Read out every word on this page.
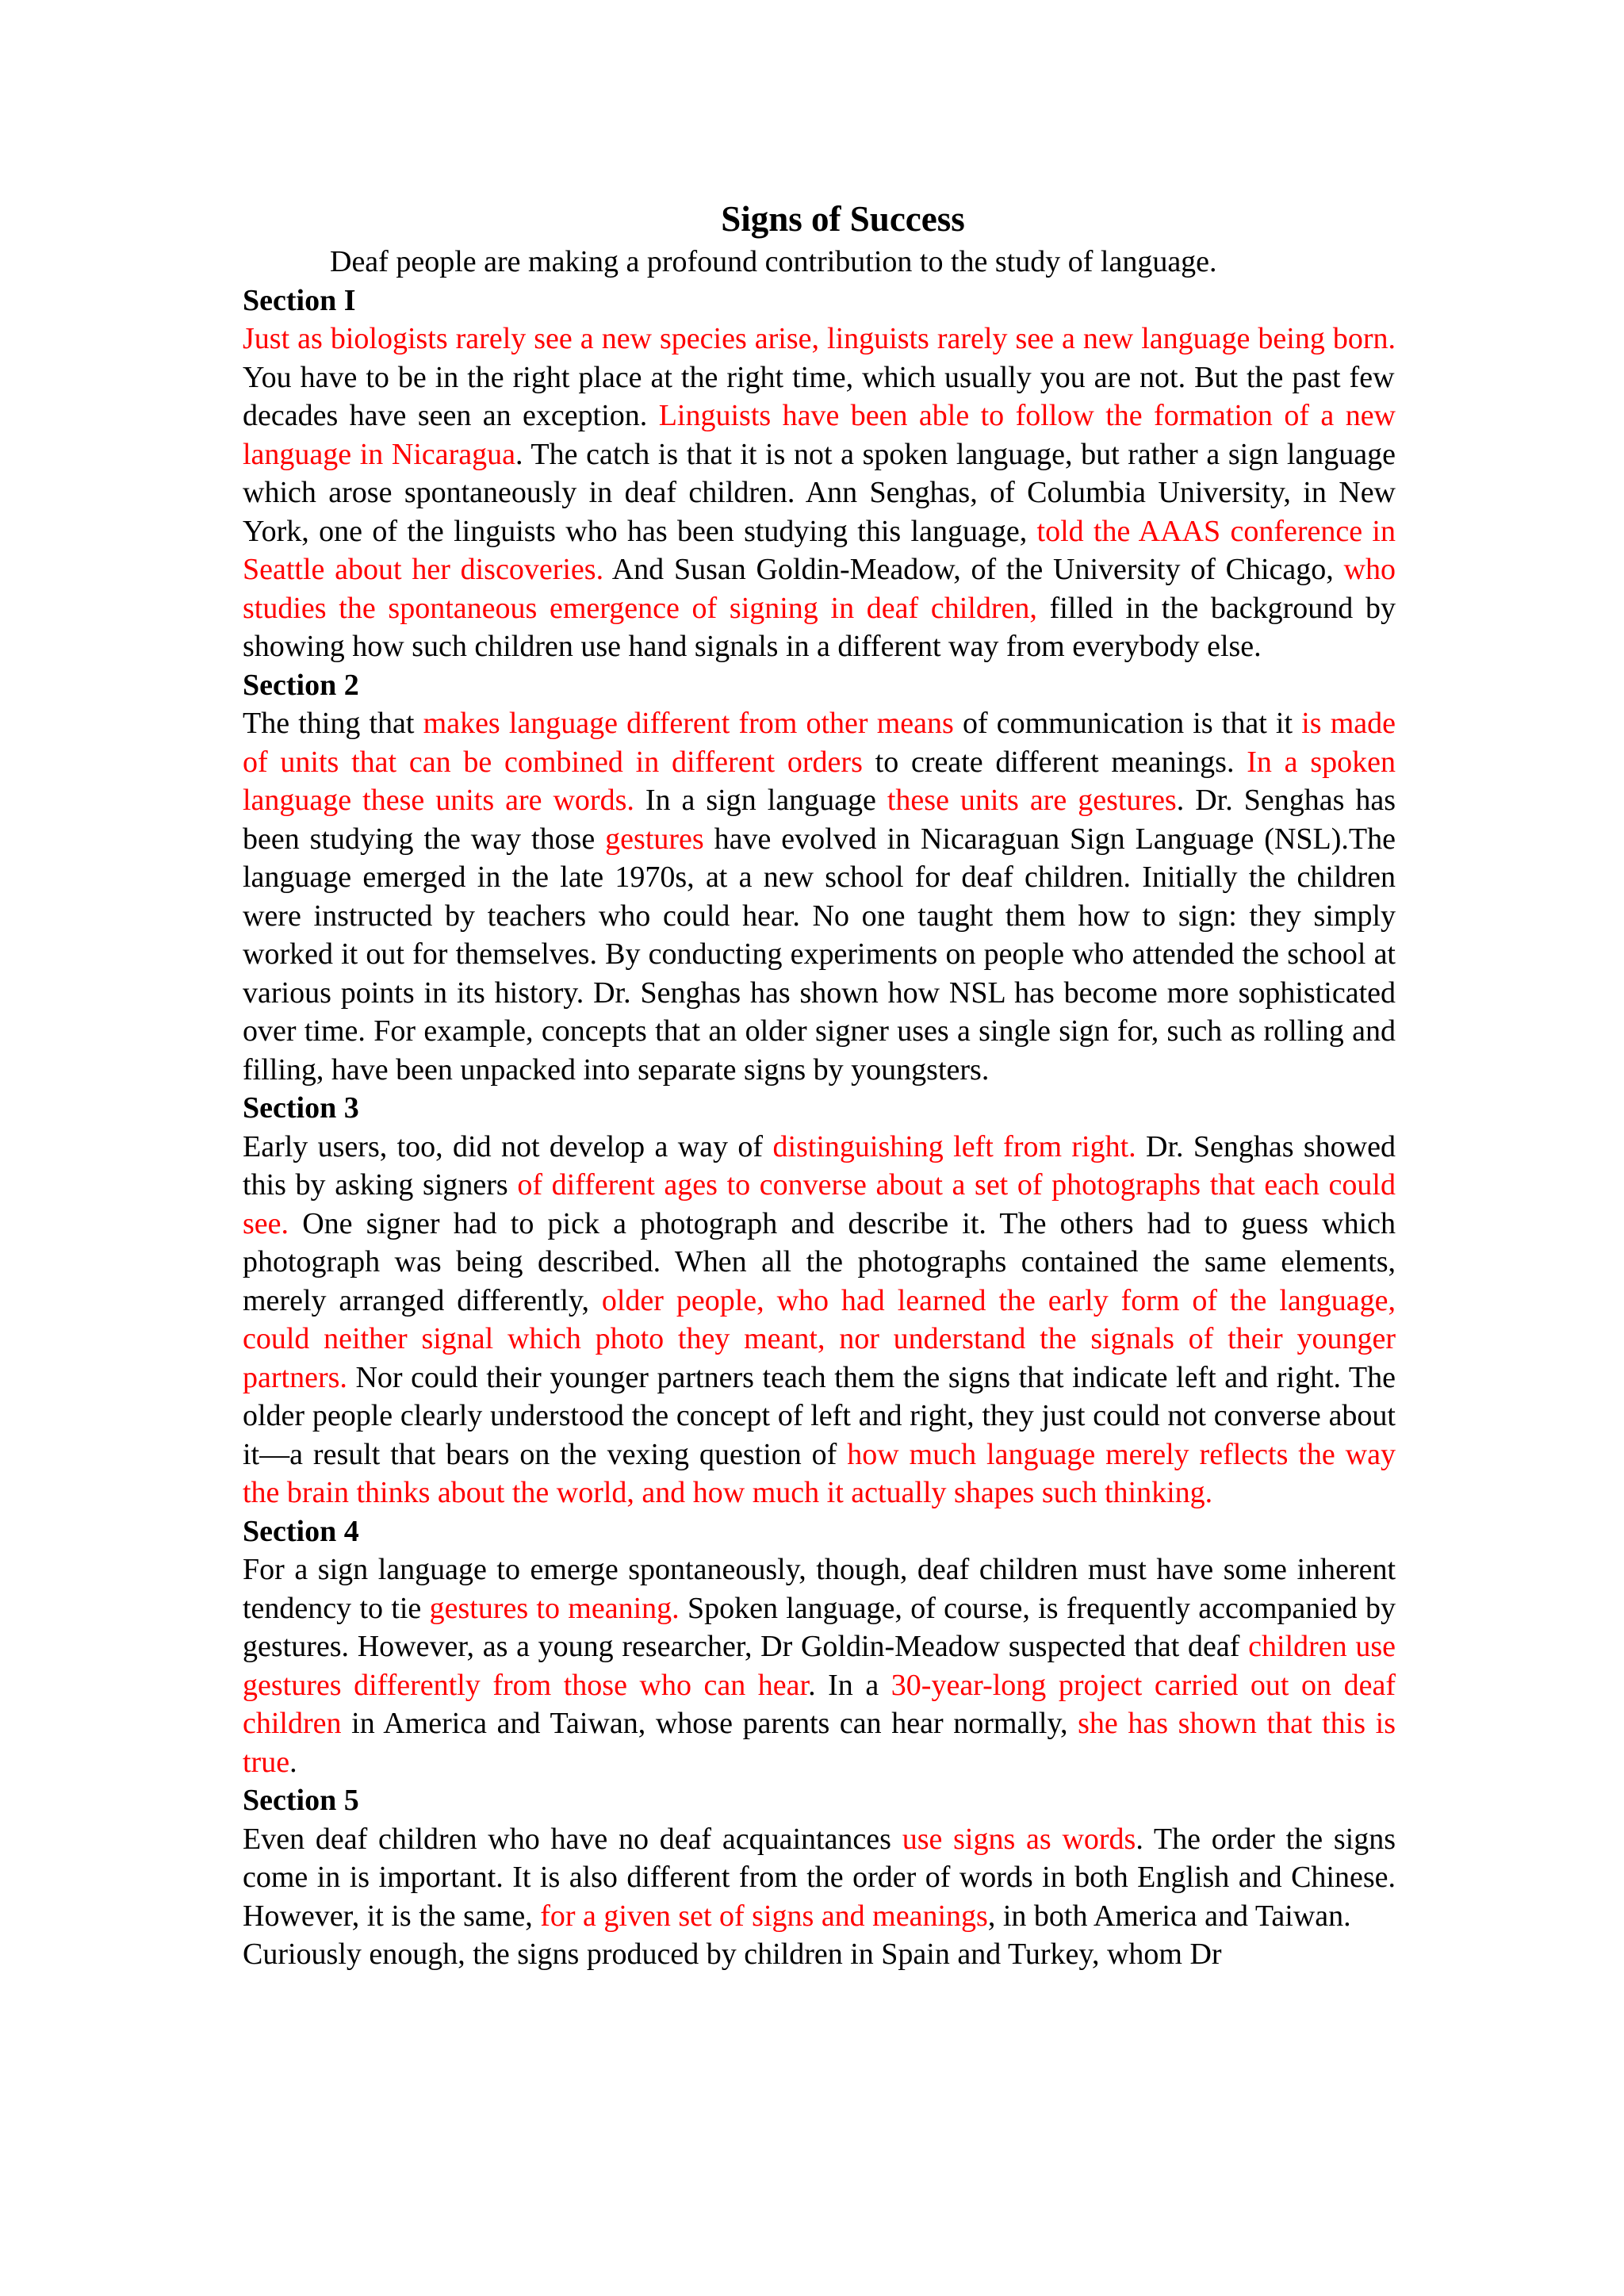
Signs of Success

Deaf people are making a profound contribution to the study of language.

Section I

Just as biologists rarely see a new species arise, linguists rarely see a new language being born. You have to be in the right place at the right time, which usually you are not. But the past few decades have seen an exception. Linguists have been able to follow the formation of a new language in Nicaragua. The catch is that it is not a spoken language, but rather a sign language which arose spontaneously in deaf children. Ann Senghas, of Columbia University, in New York, one of the linguists who has been studying this language, told the AAAS conference in Seattle about her discoveries. And Susan Goldin-Meadow, of the University of Chicago, who studies the spontaneous emergence of signing in deaf children, filled in the background by showing how such children use hand signals in a different way from everybody else.

Section 2

The thing that makes language different from other means of communication is that it is made of units that can be combined in different orders to create different meanings. In a spoken language these units are words. In a sign language these units are gestures. Dr. Senghas has been studying the way those gestures have evolved in Nicaraguan Sign Language (NSL).The language emerged in the late 1970s, at a new school for deaf children. Initially the children were instructed by teachers who could hear. No one taught them how to sign: they simply worked it out for themselves. By conducting experiments on people who attended the school at various points in its history. Dr. Senghas has shown how NSL has become more sophisticated over time. For example, concepts that an older signer uses a single sign for, such as rolling and filling, have been unpacked into separate signs by youngsters.

Section 3

Early users, too, did not develop a way of distinguishing left from right. Dr. Senghas showed this by asking signers of different ages to converse about a set of photographs that each could see. One signer had to pick a photograph and describe it. The others had to guess which photograph was being described. When all the photographs contained the same elements, merely arranged differently, older people, who had learned the early form of the language, could neither signal which photo they meant, nor understand the signals of their younger partners. Nor could their younger partners teach them the signs that indicate left and right. The older people clearly understood the concept of left and right, they just could not converse about it—a result that bears on the vexing question of how much language merely reflects the way the brain thinks about the world, and how much it actually shapes such thinking.

Section 4

For a sign language to emerge spontaneously, though, deaf children must have some inherent tendency to tie gestures to meaning. Spoken language, of course, is frequently accompanied by gestures. However, as a young researcher, Dr Goldin-Meadow suspected that deaf children use gestures differently from those who can hear. In a 30-year-long project carried out on deaf children in America and Taiwan, whose parents can hear normally, she has shown that this is true.

Section 5

Even deaf children who have no deaf acquaintances use signs as words. The order the signs come in is important. It is also different from the order of words in both English and Chinese. However, it is the same, for a given set of signs and meanings, in both America and Taiwan.

Curiously enough, the signs produced by children in Spain and Turkey, whom Dr
